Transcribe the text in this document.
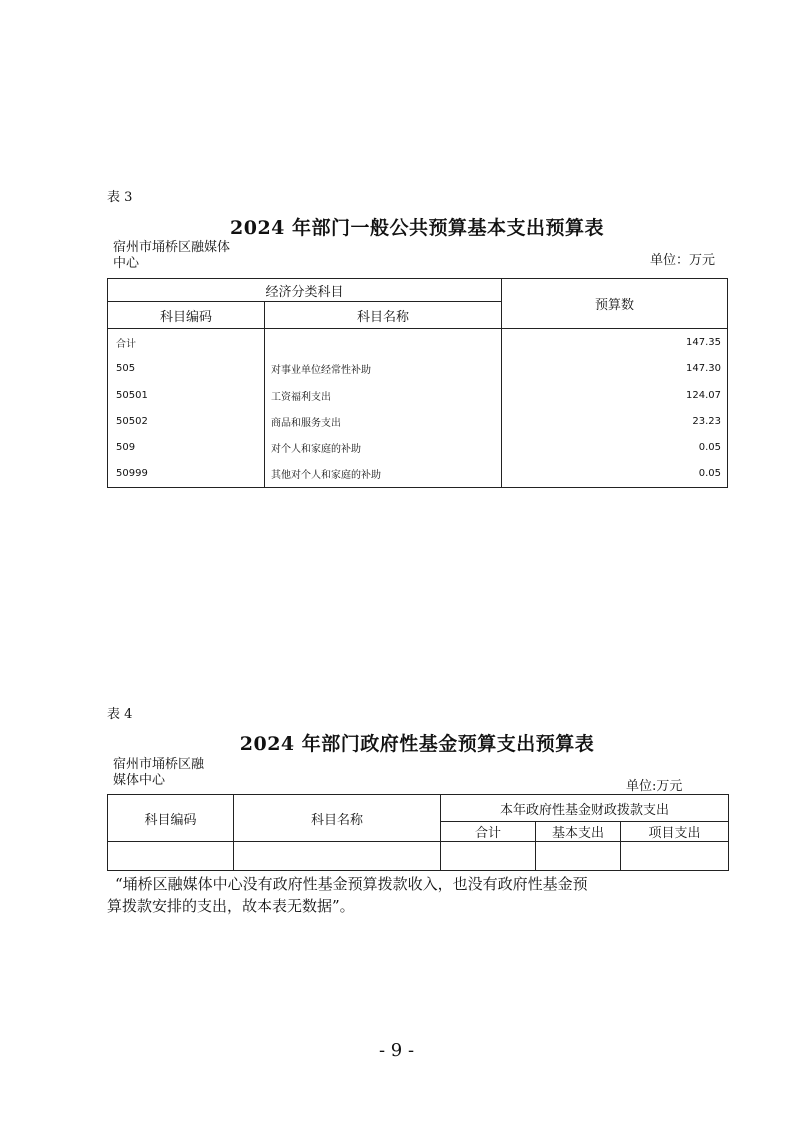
表 3
2024 年部门一般公共预算基本支出预算表
宿州市埇桥区融媒体
中心	单位：万元
经济分类科目		预算数
科目编码	科目名称	
合计		147.35
505	对事业单位经常性补助	147.30
50501	工资福利支出	124.07
50502	商品和服务支出	23.23
509	对个人和家庭的补助	0.05
50999	其他对个人和家庭的补助	0.05
表 4
2024 年部门政府性基金预算支出预算表
宿州市埇桥区融
媒体中心	单位:万元
科目编码	科目名称	本年政府性基金财政拨款支出		
		合计	基本支出	项目支出

“埇桥区融媒体中心没有政府性基金预算拨款收入，也没有政府性基金预
算拨款安排的支出，故本表无数据”。
- 9 -
